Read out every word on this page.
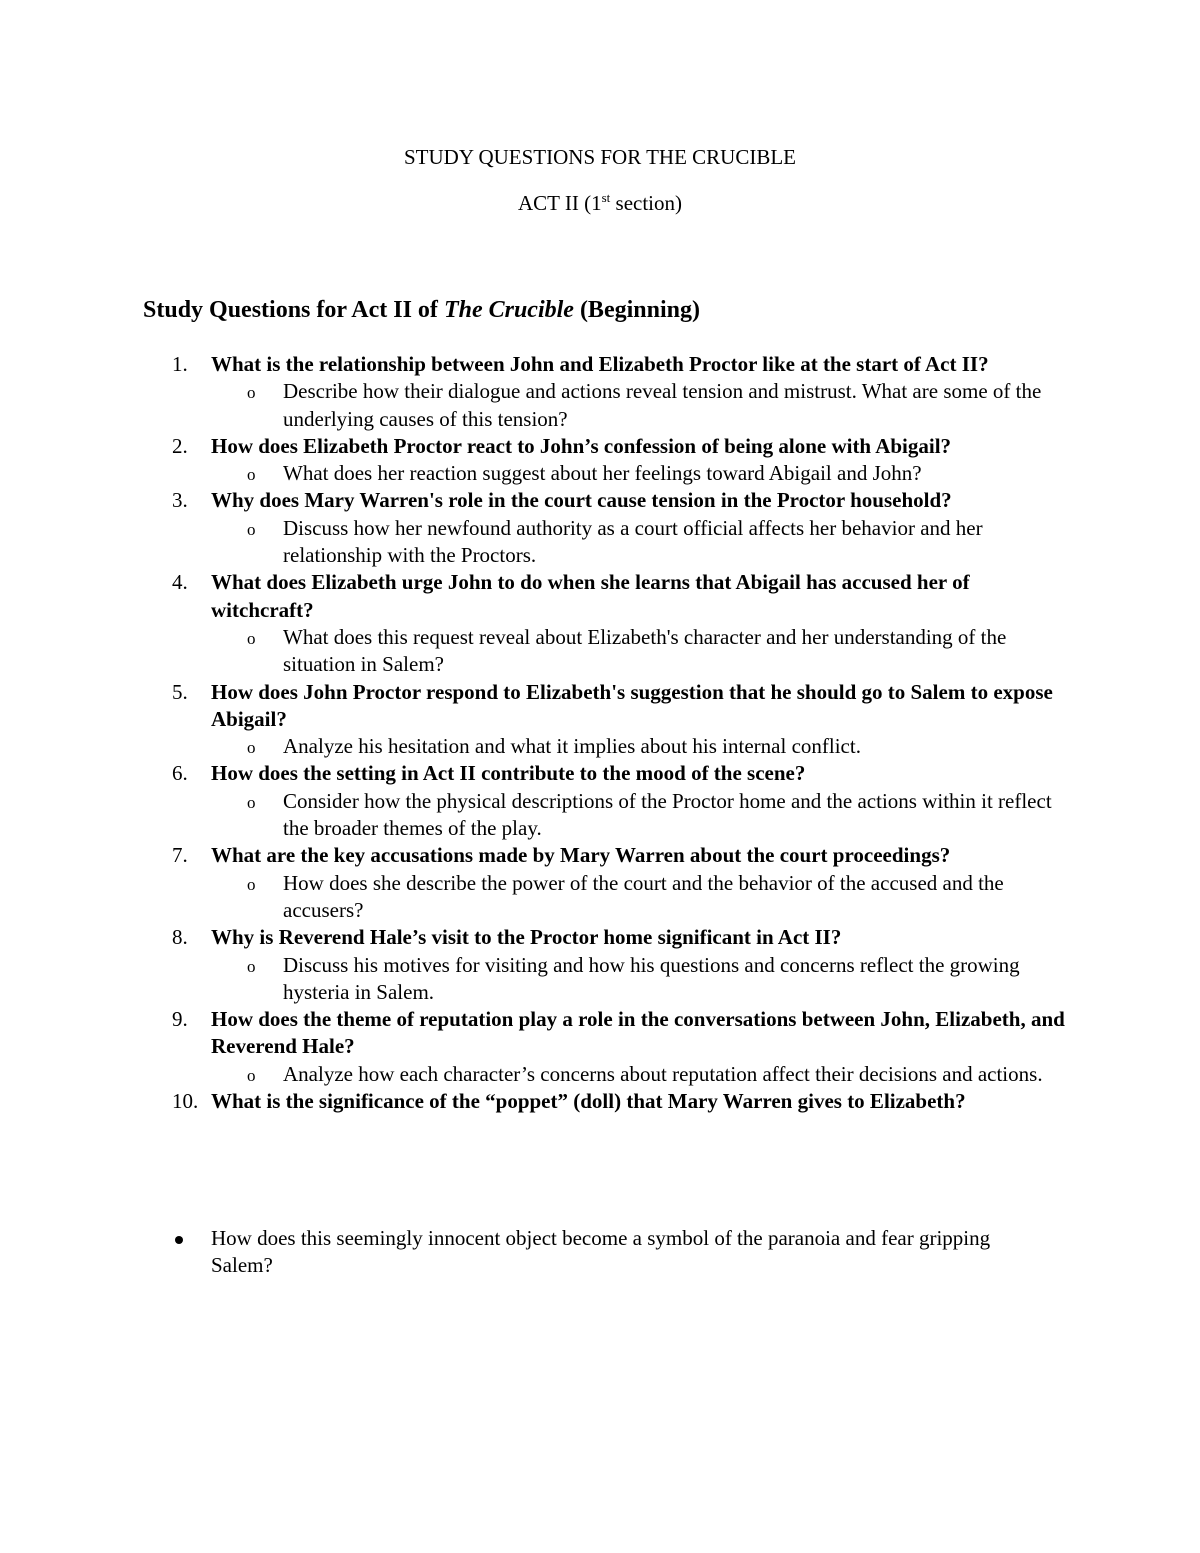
STUDY QUESTIONS FOR THE CRUCIBLE
ACT II (1st section)
Study Questions for Act II of The Crucible (Beginning)
1. What is the relationship between John and Elizabeth Proctor like at the start of Act II?
o Describe how their dialogue and actions reveal tension and mistrust. What are some of the underlying causes of this tension?
2. How does Elizabeth Proctor react to John’s confession of being alone with Abigail?
o What does her reaction suggest about her feelings toward Abigail and John?
3. Why does Mary Warren's role in the court cause tension in the Proctor household?
o Discuss how her newfound authority as a court official affects her behavior and her relationship with the Proctors.
4. What does Elizabeth urge John to do when she learns that Abigail has accused her of witchcraft?
o What does this request reveal about Elizabeth's character and her understanding of the situation in Salem?
5. How does John Proctor respond to Elizabeth's suggestion that he should go to Salem to expose Abigail?
o Analyze his hesitation and what it implies about his internal conflict.
6. How does the setting in Act II contribute to the mood of the scene?
o Consider how the physical descriptions of the Proctor home and the actions within it reflect the broader themes of the play.
7. What are the key accusations made by Mary Warren about the court proceedings?
o How does she describe the power of the court and the behavior of the accused and the accusers?
8. Why is Reverend Hale’s visit to the Proctor home significant in Act II?
o Discuss his motives for visiting and how his questions and concerns reflect the growing hysteria in Salem.
9. How does the theme of reputation play a role in the conversations between John, Elizabeth, and Reverend Hale?
o Analyze how each character’s concerns about reputation affect their decisions and actions.
10. What is the significance of the “poppet” (doll) that Mary Warren gives to Elizabeth?
How does this seemingly innocent object become a symbol of the paranoia and fear gripping Salem?
